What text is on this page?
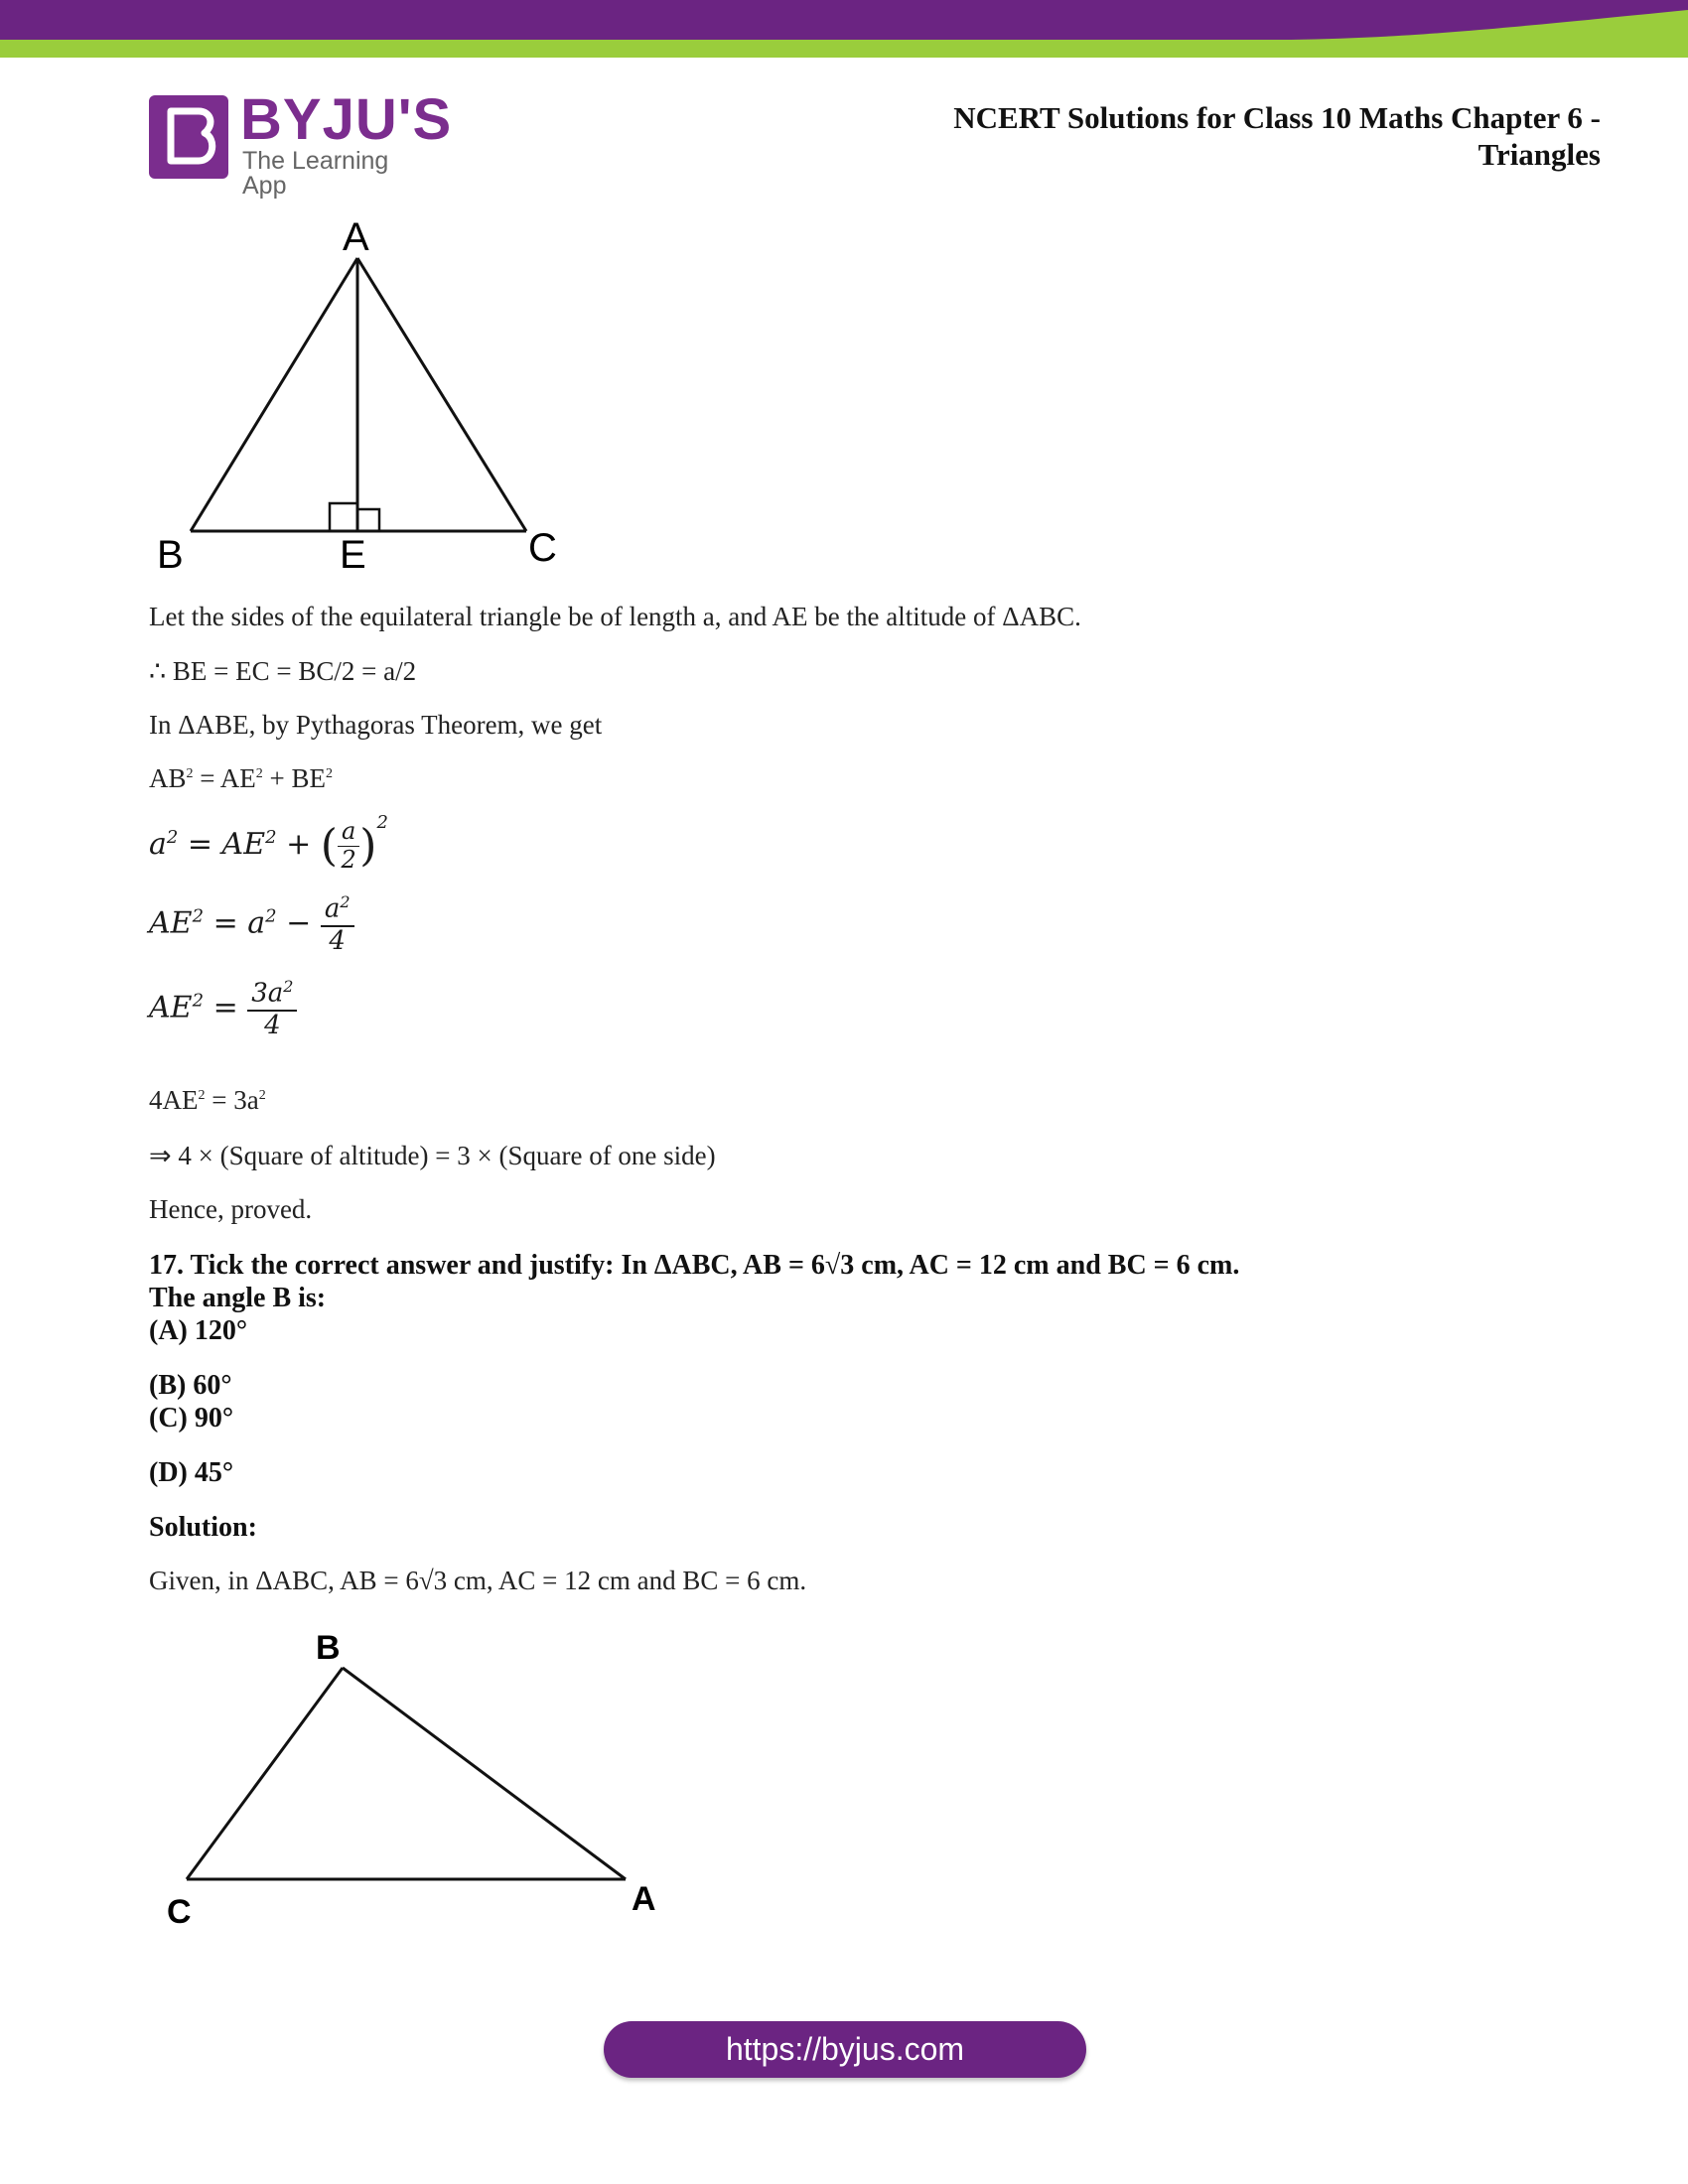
BYJU'S
The Learning App
NCERT Solutions for Class 10 Maths Chapter 6 -
Triangles
A
B	C
E
Let the sides of the equilateral triangle be of length a, and AE be the altitude of ΔABC.
∴ BE = EC = BC/2 = a/2
In ΔABE, by Pythagoras Theorem, we get
$AB^2 = AE^2 + BE^2$
$a^2 = AE^2$ + ( $\frac{a}{2} )^2$
$AE^2 = a^2 - \frac{a^2}{4}$
$AE^2 = \frac{3a^2}{4}$
$4AE^2 = 3a^2$
⇒ 4 × (Square of altitude) = 3 × (Square of one side)
Hence, proved.
17. Tick the correct answer and justify: In ΔABC, AB = 6√3 cm, AC = 12 cm and BC = 6 cm.
The angle B is:
(A) 120°
(B) 60°
(C) 90°
(D) 45°
Solution:
Given, in ΔABC, AB = 6√3 cm, AC = 12 cm and BC = 6 cm.
B
C	A
https://byjus.com
